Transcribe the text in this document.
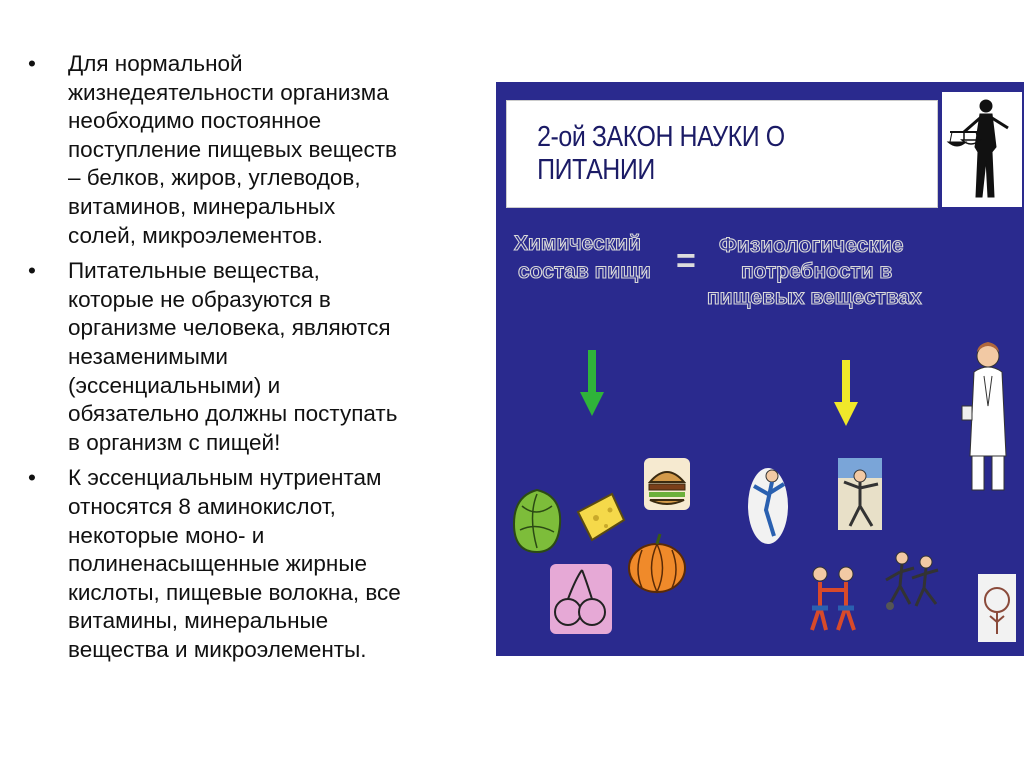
• Для нормальной
жизнедеятельности организма
необходимо постоянное
поступление пищевых веществ
– белков, жиров, углеводов,
витаминов, минеральных
солей, микроэлементов.
• Питательные вещества,
которые не образуются в
организме человека, являются
незаменимыми
(эссенциальными) и
обязательно должны поступать
в организм с пищей!
• К эссенциальным нутриентам
относятся 8 аминокислот,
некоторые моно- и
полиненасыщенные жирные
кислоты, пищевые волокна, все
витамины, минеральные
вещества и микроэлементы.
2-ой ЗАКОН НАУКИ О ПИТАНИИ
Химический
состав пищи = Физиологические
потребности в
пищевых веществах
